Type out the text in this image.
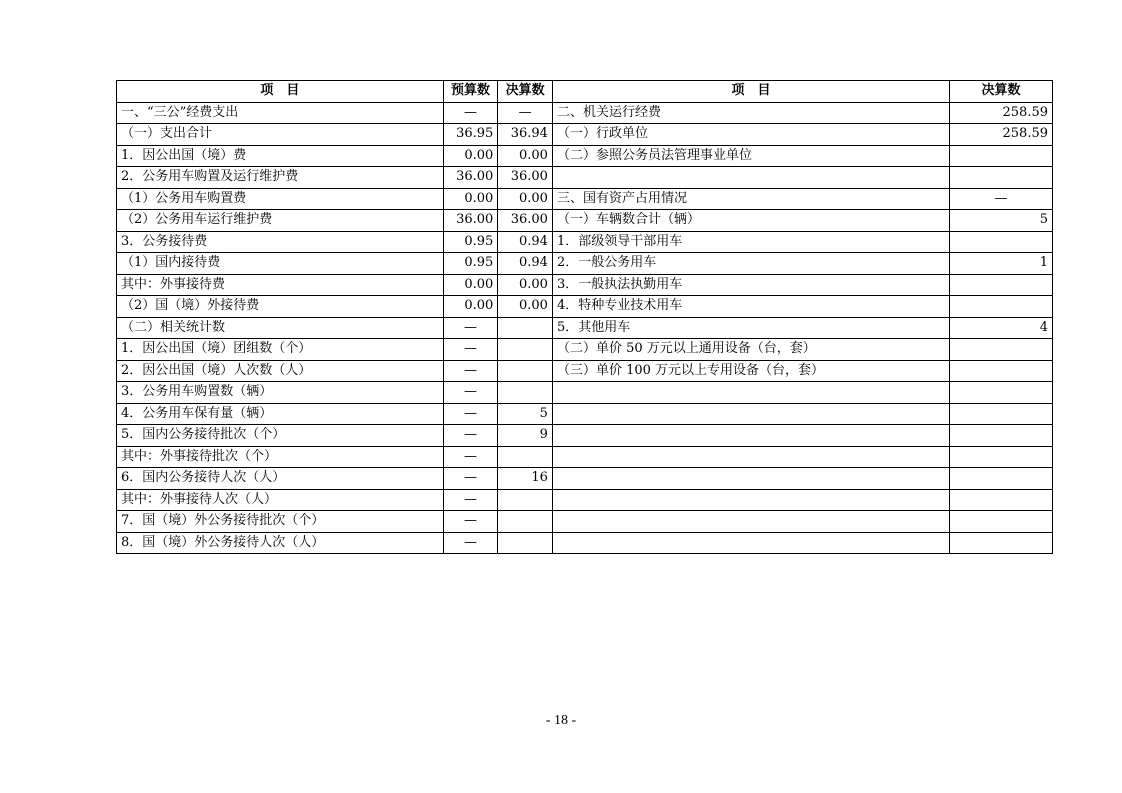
项　目	预算数	决算数	项　目	决算数
一、“三公”经费支出	—	—	二、机关运行经费	258.59
（一）支出合计	36.95	36.94	（一）行政单位	258.59
1．因公出国（境）费	0.00	0.00	（二）参照公务员法管理事业单位	
2．公务用车购置及运行维护费	36.00	36.00		
（1）公务用车购置费	0.00	0.00	三、国有资产占用情况	—
（2）公务用车运行维护费	36.00	36.00	（一）车辆数合计（辆）	5
3．公务接待费	0.95	0.94	1．部级领导干部用车	
（1）国内接待费	0.95	0.94	2．一般公务用车	1
其中：外事接待费	0.00	0.00	3．一般执法执勤用车	
（2）国（境）外接待费	0.00	0.00	4．特种专业技术用车	
（二）相关统计数	—		5．其他用车	4
1．因公出国（境）团组数（个）	—		（二）单价 50 万元以上通用设备（台，套）	
2．因公出国（境）人次数（人）	—		（三）单价 100 万元以上专用设备（台，套）	
3．公务用车购置数（辆）	—			
4．公务用车保有量（辆）	—	5		
5．国内公务接待批次（个）	—	9		
其中：外事接待批次（个）	—			
6．国内公务接待人次（人）	—	16		
其中：外事接待人次（人）	—			
7．国（境）外公务接待批次（个）	—			
8．国（境）外公务接待人次（人）	—			
- 18 -
